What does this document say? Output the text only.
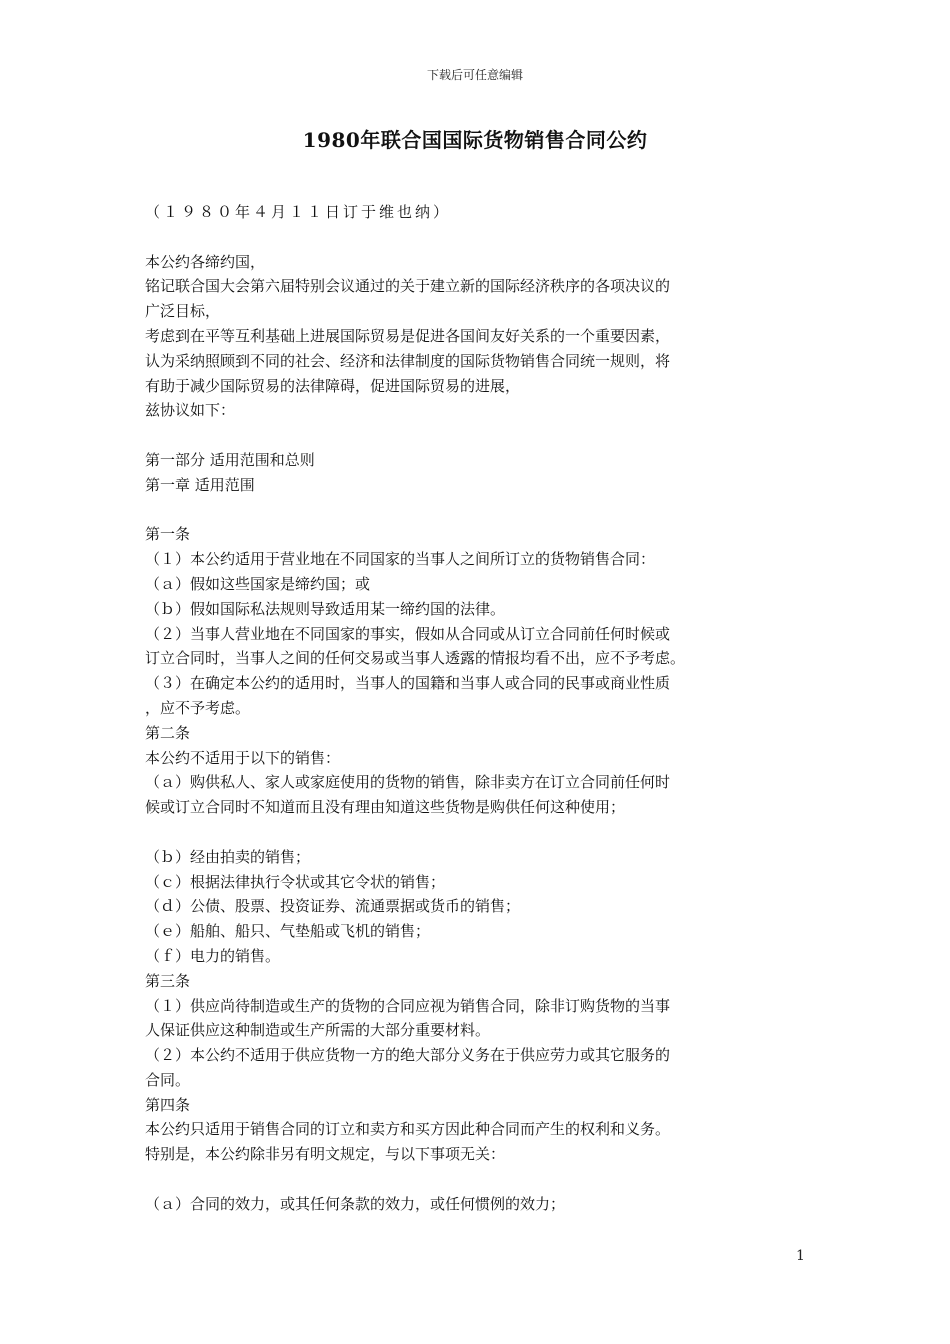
下载后可任意编辑
1980年联合国国际货物销售合同公约
（１９８０年４月１１日订于维也纳）
本公约各缔约国，
铭记联合国大会第六届特别会议通过的关于建立新的国际经济秩序的各项决议的
广泛目标，
考虑到在平等互利基础上进展国际贸易是促进各国间友好关系的一个重要因素，
认为采纳照顾到不同的社会、经济和法律制度的国际货物销售合同统一规则，将
有助于减少国际贸易的法律障碍，促进国际贸易的进展，
兹协议如下：
第一部分 适用范围和总则
第一章 适用范围
第一条
（１）本公约适用于营业地在不同国家的当事人之间所订立的货物销售合同：
（ａ）假如这些国家是缔约国；或
（ｂ）假如国际私法规则导致适用某一缔约国的法律。
（２）当事人营业地在不同国家的事实，假如从合同或从订立合同前任何时候或
订立合同时，当事人之间的任何交易或当事人透露的情报均看不出，应不予考虑。
（３）在确定本公约的适用时，当事人的国籍和当事人或合同的民事或商业性质
，应不予考虑。
第二条
本公约不适用于以下的销售：
（ａ）购供私人、家人或家庭使用的货物的销售，除非卖方在订立合同前任何时
候或订立合同时不知道而且没有理由知道这些货物是购供任何这种使用；
（ｂ）经由拍卖的销售；
（ｃ）根据法律执行令状或其它令状的销售；
（ｄ）公债、股票、投资证券、流通票据或货币的销售；
（ｅ）船舶、船只、气垫船或飞机的销售；
（ｆ）电力的销售。
第三条
（１）供应尚待制造或生产的货物的合同应视为销售合同，除非订购货物的当事
人保证供应这种制造或生产所需的大部分重要材料。
（２）本公约不适用于供应货物一方的绝大部分义务在于供应劳力或其它服务的
合同。
第四条
本公约只适用于销售合同的订立和卖方和买方因此种合同而产生的权利和义务。
特别是，本公约除非另有明文规定，与以下事项无关：
（ａ）合同的效力，或其任何条款的效力，或任何惯例的效力；
1
